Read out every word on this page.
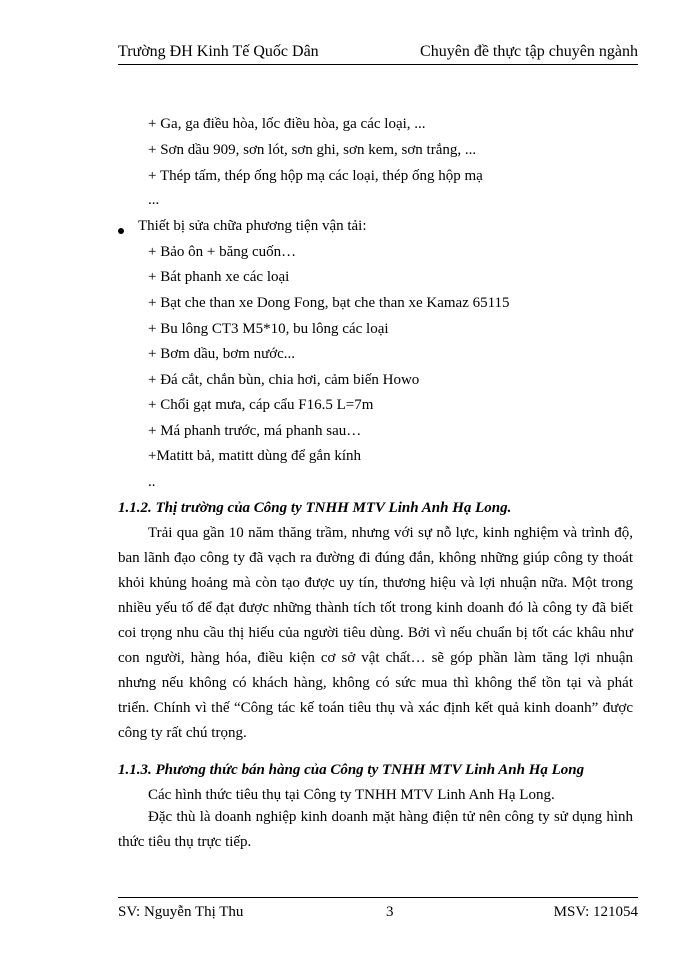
Trường ĐH Kinh Tế Quốc Dân	Chuyên đề thực tập chuyên ngành
+ Ga, ga điều hòa, lốc điều hòa, ga các loại, ...
+ Sơn dầu 909, sơn lót, sơn ghi, sơn kem, sơn trắng, ...
+ Thép tấm, thép ống hộp mạ các loại, thép ống hộp mạ
...
Thiết bị sửa chữa phương tiện vận tải:
+ Bảo ôn + băng cuốn…
+ Bát phanh xe các loại
+ Bạt che than xe Dong Fong, bạt che than xe Kamaz 65115
+ Bu lông CT3 M5*10, bu lông các loại
+ Bơm dầu, bơm nước...
+ Đá cắt, chắn bùn, chia hơi, cảm biến Howo
+ Chổi gạt mưa, cáp cẩu F16.5 L=7m
+ Má phanh trước, má phanh sau…
+Matitt bả, matitt dùng để gắn kính
..
1.1.2. Thị trường của Công ty TNHH MTV Linh Anh Hạ Long.

Trải qua gần 10 năm thăng trầm, nhưng với sự nỗ lực, kinh nghiệm và trình độ, ban lãnh đạo công ty đã vạch ra đường đi đúng đắn, không những giúp công ty thoát khỏi khủng hoảng mà còn tạo được uy tín, thương hiệu và lợi nhuận nữa. Một trong nhiều yếu tố để đạt được những thành tích tốt trong kinh doanh đó là công ty đã biết coi trọng nhu cầu thị hiếu của người tiêu dùng. Bởi vì nếu chuẩn bị tốt các khâu như con người, hàng hóa, điều kiện cơ sở vật chất… sẽ góp phần làm tăng lợi nhuận nhưng nếu không có khách hàng, không có sức mua thì không thể tồn tại và phát triển. Chính vì thế “Công tác kế toán tiêu thụ và xác định kết quả kinh doanh” được công ty rất chú trọng.

1.1.3. Phương thức bán hàng của Công ty TNHH MTV Linh Anh Hạ Long
Các hình thức tiêu thụ tại Công ty TNHH MTV Linh Anh Hạ Long.

Đặc thù là doanh nghiệp kinh doanh mặt hàng điện tử nên công ty sử dụng hình thức tiêu thụ trực tiếp.

SV: Nguyễn Thị Thu	3	MSV: 121054
